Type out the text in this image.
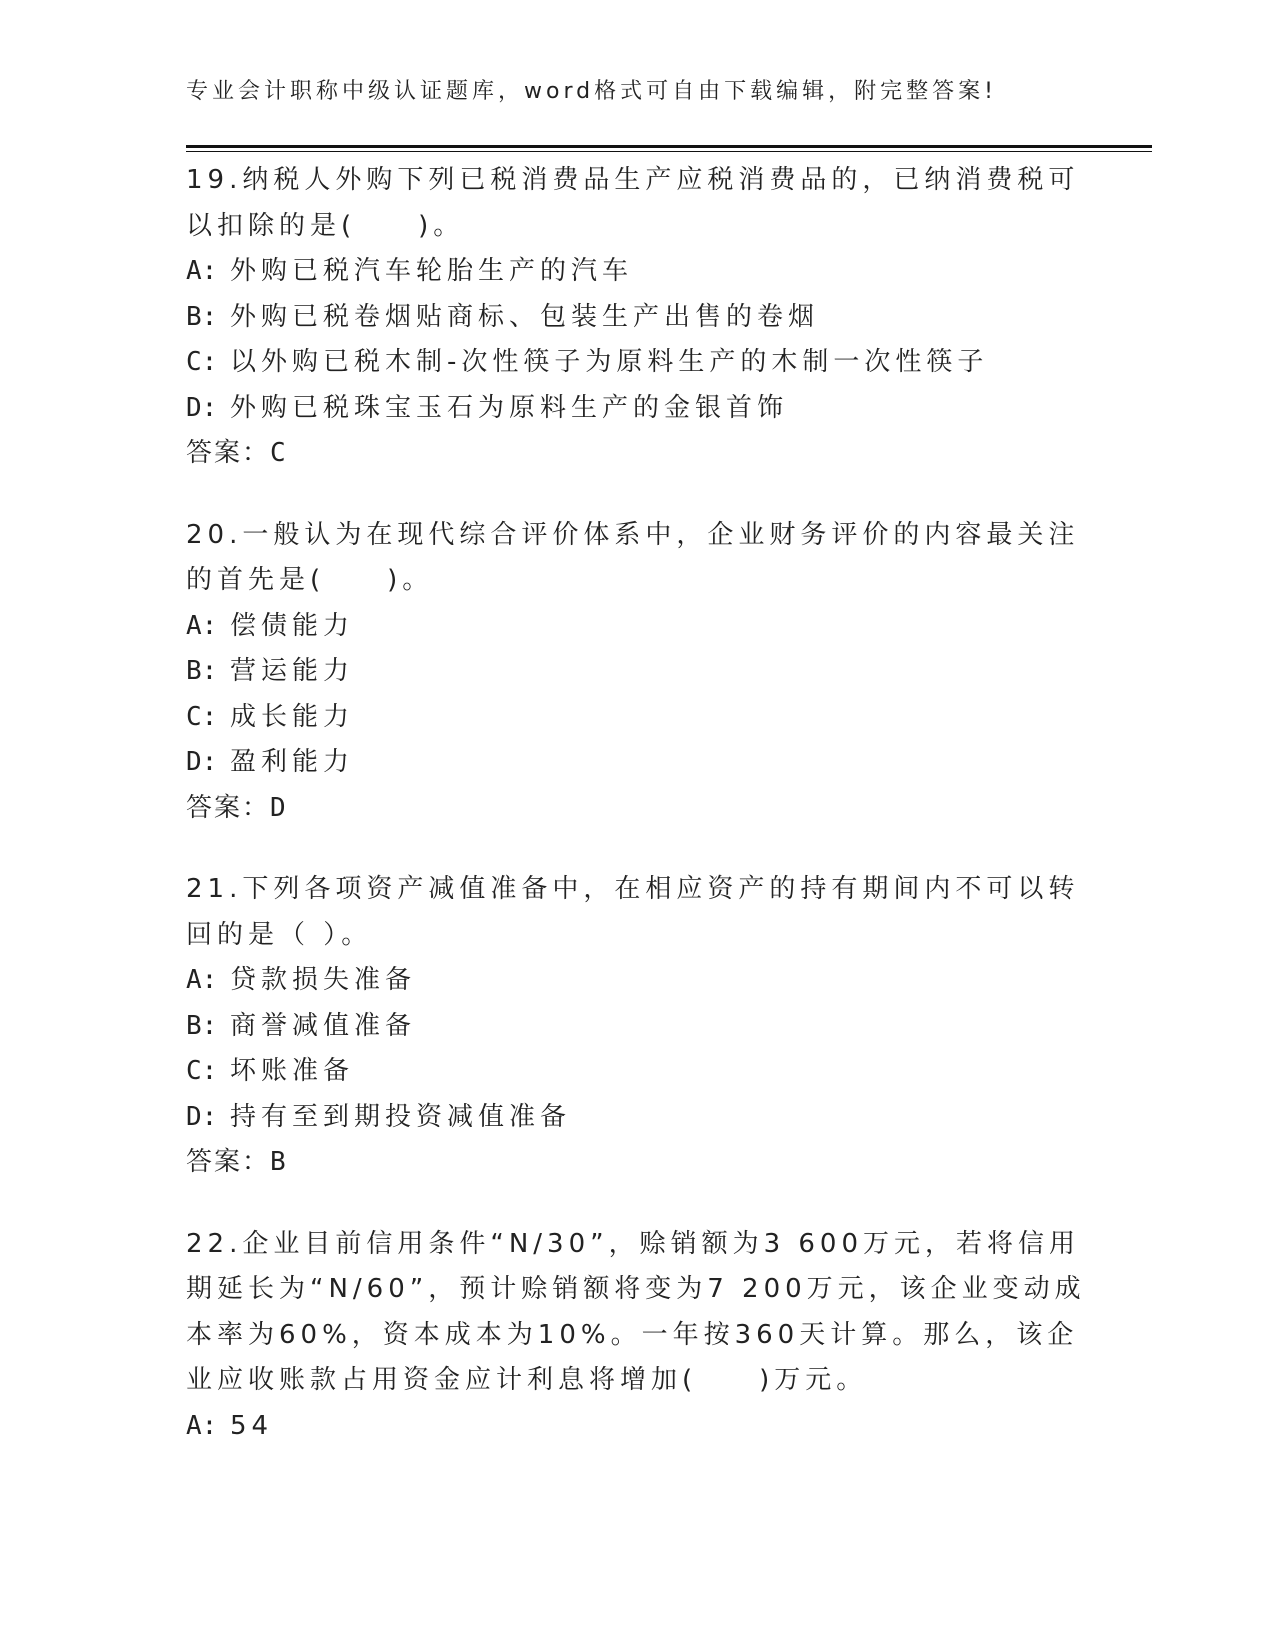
专业会计职称中级认证题库，word格式可自由下载编辑，附完整答案!

19.纳税人外购下列已税消费品生产应税消费品的，已纳消费税可以扣除的是(　　)。

A: 外购已税汽车轮胎生产的汽车
B: 外购已税卷烟贴商标、包装生产出售的卷烟
C: 以外购已税木制-次性筷子为原料生产的木制一次性筷子
D: 外购已税珠宝玉石为原料生产的金银首饰
答案：C

20.一般认为在现代综合评价体系中，企业财务评价的内容最关注的首先是(　　)。

A: 偿债能力
B: 营运能力
C: 成长能力
D: 盈利能力
答案：D

21.下列各项资产减值准备中，在相应资产的持有期间内不可以转回的是（ ）。

A: 贷款损失准备
B: 商誉减值准备
C: 坏账准备
D: 持有至到期投资减值准备
答案：B

22.企业目前信用条件“N/30”，赊销额为3 600万元，若将信用期延长为“N/60”，预计赊销额将变为7 200万元，该企业变动成本率为60%，资本成本为10%。一年按360天计算。那么，该企业应收账款占用资金应计利息将增加(　　)万元。

A: 54
